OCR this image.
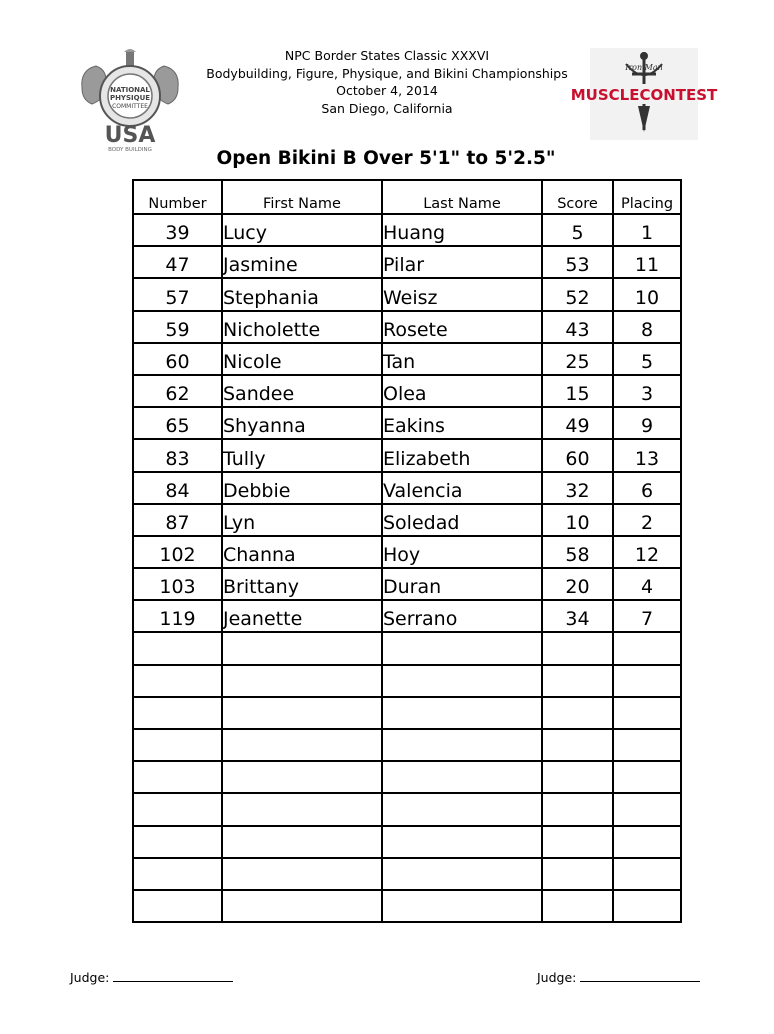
NPC Border States Classic XXXVI
Bodybuilding, Figure, Physique, and Bikini Championships
October 4, 2014
San Diego, California
NATIONAL
PHYSIQUE
COMMITTEE
USA
BODY BUILDING
Iron Man
MUSCLECONTEST
Open Bikini B Over 5'1" to 5'2.5"
Number	First Name	Last Name	Score	Placing
39	Lucy	Huang	5	1
47	Jasmine	Pilar	53	11
57	Stephania	Weisz	52	10
59	Nicholette	Rosete	43	8
60	Nicole	Tan	25	5
62	Sandee	Olea	15	3
65	Shyanna	Eakins	49	9
83	Tully	Elizabeth	60	13
84	Debbie	Valencia	32	6
87	Lyn	Soledad	10	2
102	Channa	Hoy	58	12
103	Brittany	Duran	20	4
119	Jeanette	Serrano	34	7

Judge:	Judge:
